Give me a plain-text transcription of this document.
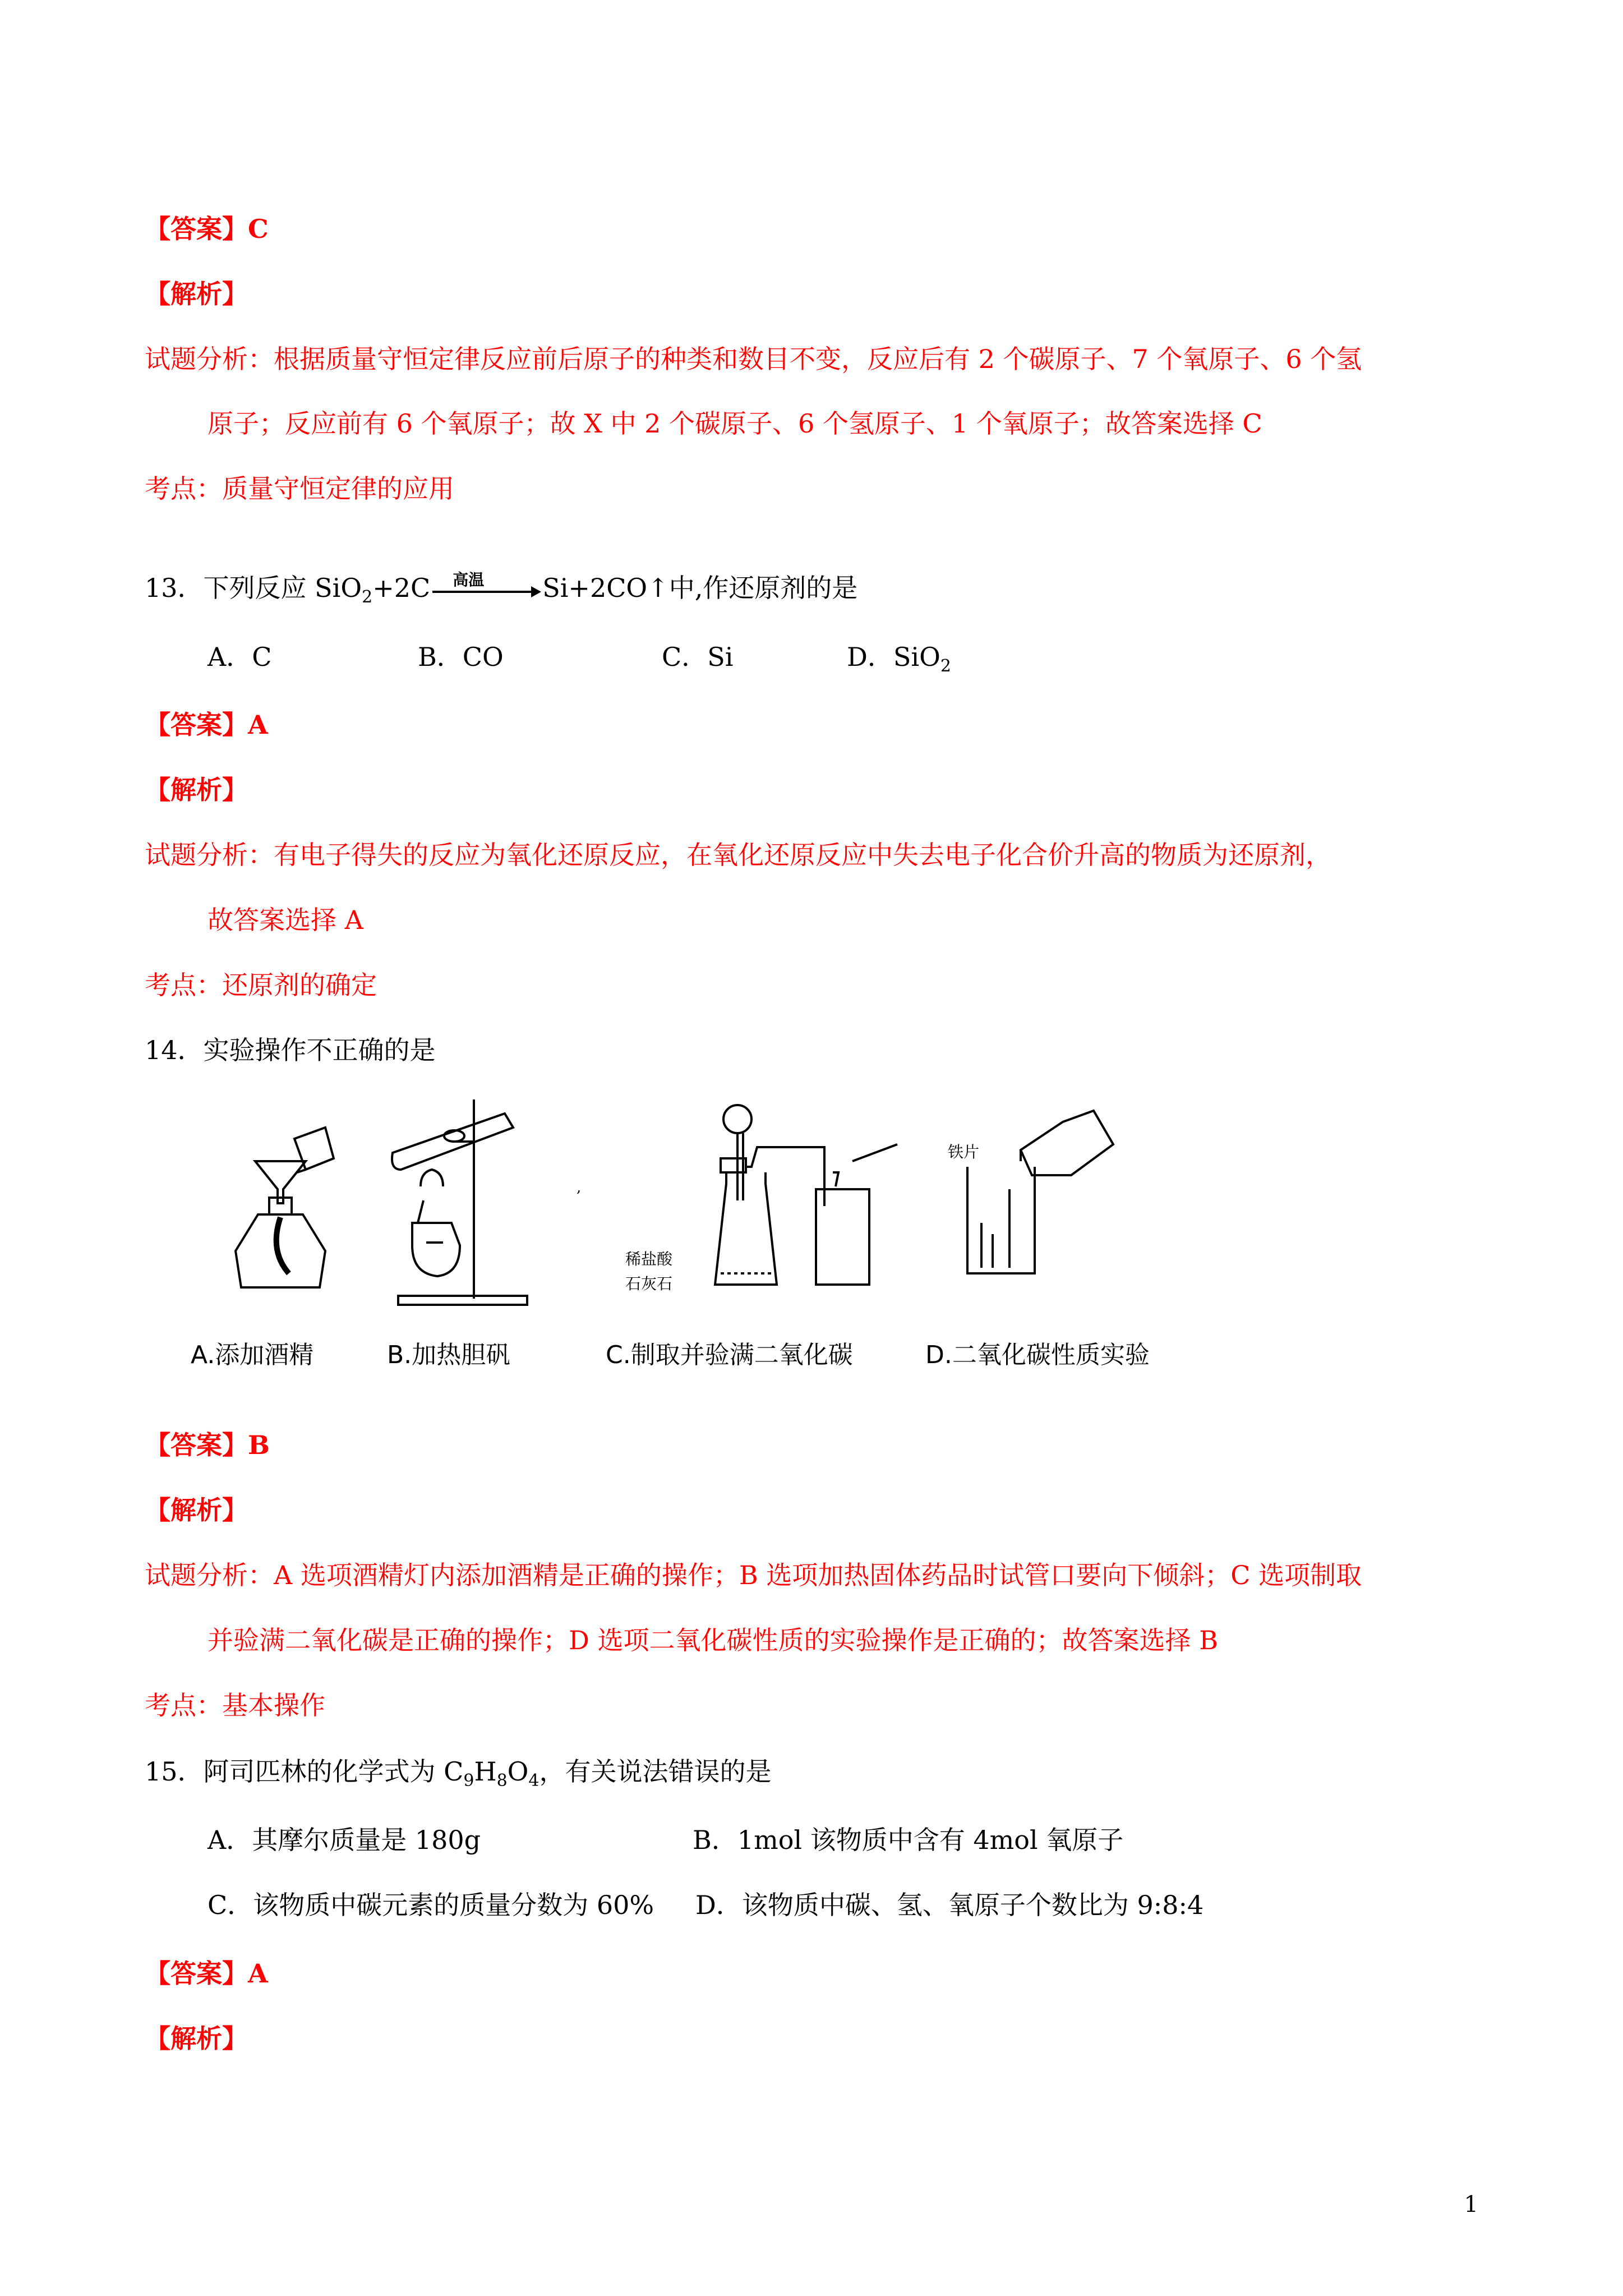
【答案】C
【解析】
试题分析：根据质量守恒定律反应前后原子的种类和数目不变，反应后有 2 个碳原子、7 个氧原子、6 个氢
原子；反应前有 6 个氧原子；故 X 中 2 个碳原子、6 个氢原子、1 个氧原子；故答案选择 C
考点：质量守恒定律的应用
13．下列反应 SiO$_2$+2C 高温 Si+2CO↑中,作还原剂的是
A．C	B．CO	C．Si	D．SiO$_2$
【答案】A
【解析】
试题分析：有电子得失的反应为氧化还原反应，在氧化还原反应中失去电子化合价升高的物质为还原剂，
故答案选择 A
考点：还原剂的确定
14．实验操作不正确的是
,
稀盐酸
石灰石
铁片
A.添加酒精	B.加热胆矾	C.制取并验满二氧化碳	D.二氧化碳性质实验
【答案】B
【解析】
试题分析：A 选项酒精灯内添加酒精是正确的操作；B 选项加热固体药品时试管口要向下倾斜；C 选项制取
并验满二氧化碳是正确的操作；D 选项二氧化碳性质的实验操作是正确的；故答案选择 B
考点：基本操作
15．阿司匹林的化学式为 $C_9H_8O_4$，有关说法错误的是
A．其摩尔质量是 180g	B．1mol 该物质中含有 4mol 氧原子
C．该物质中碳元素的质量分数为 60% D．该物质中碳、氢、氧原子个数比为 9:8:4
【答案】A
【解析】
1
